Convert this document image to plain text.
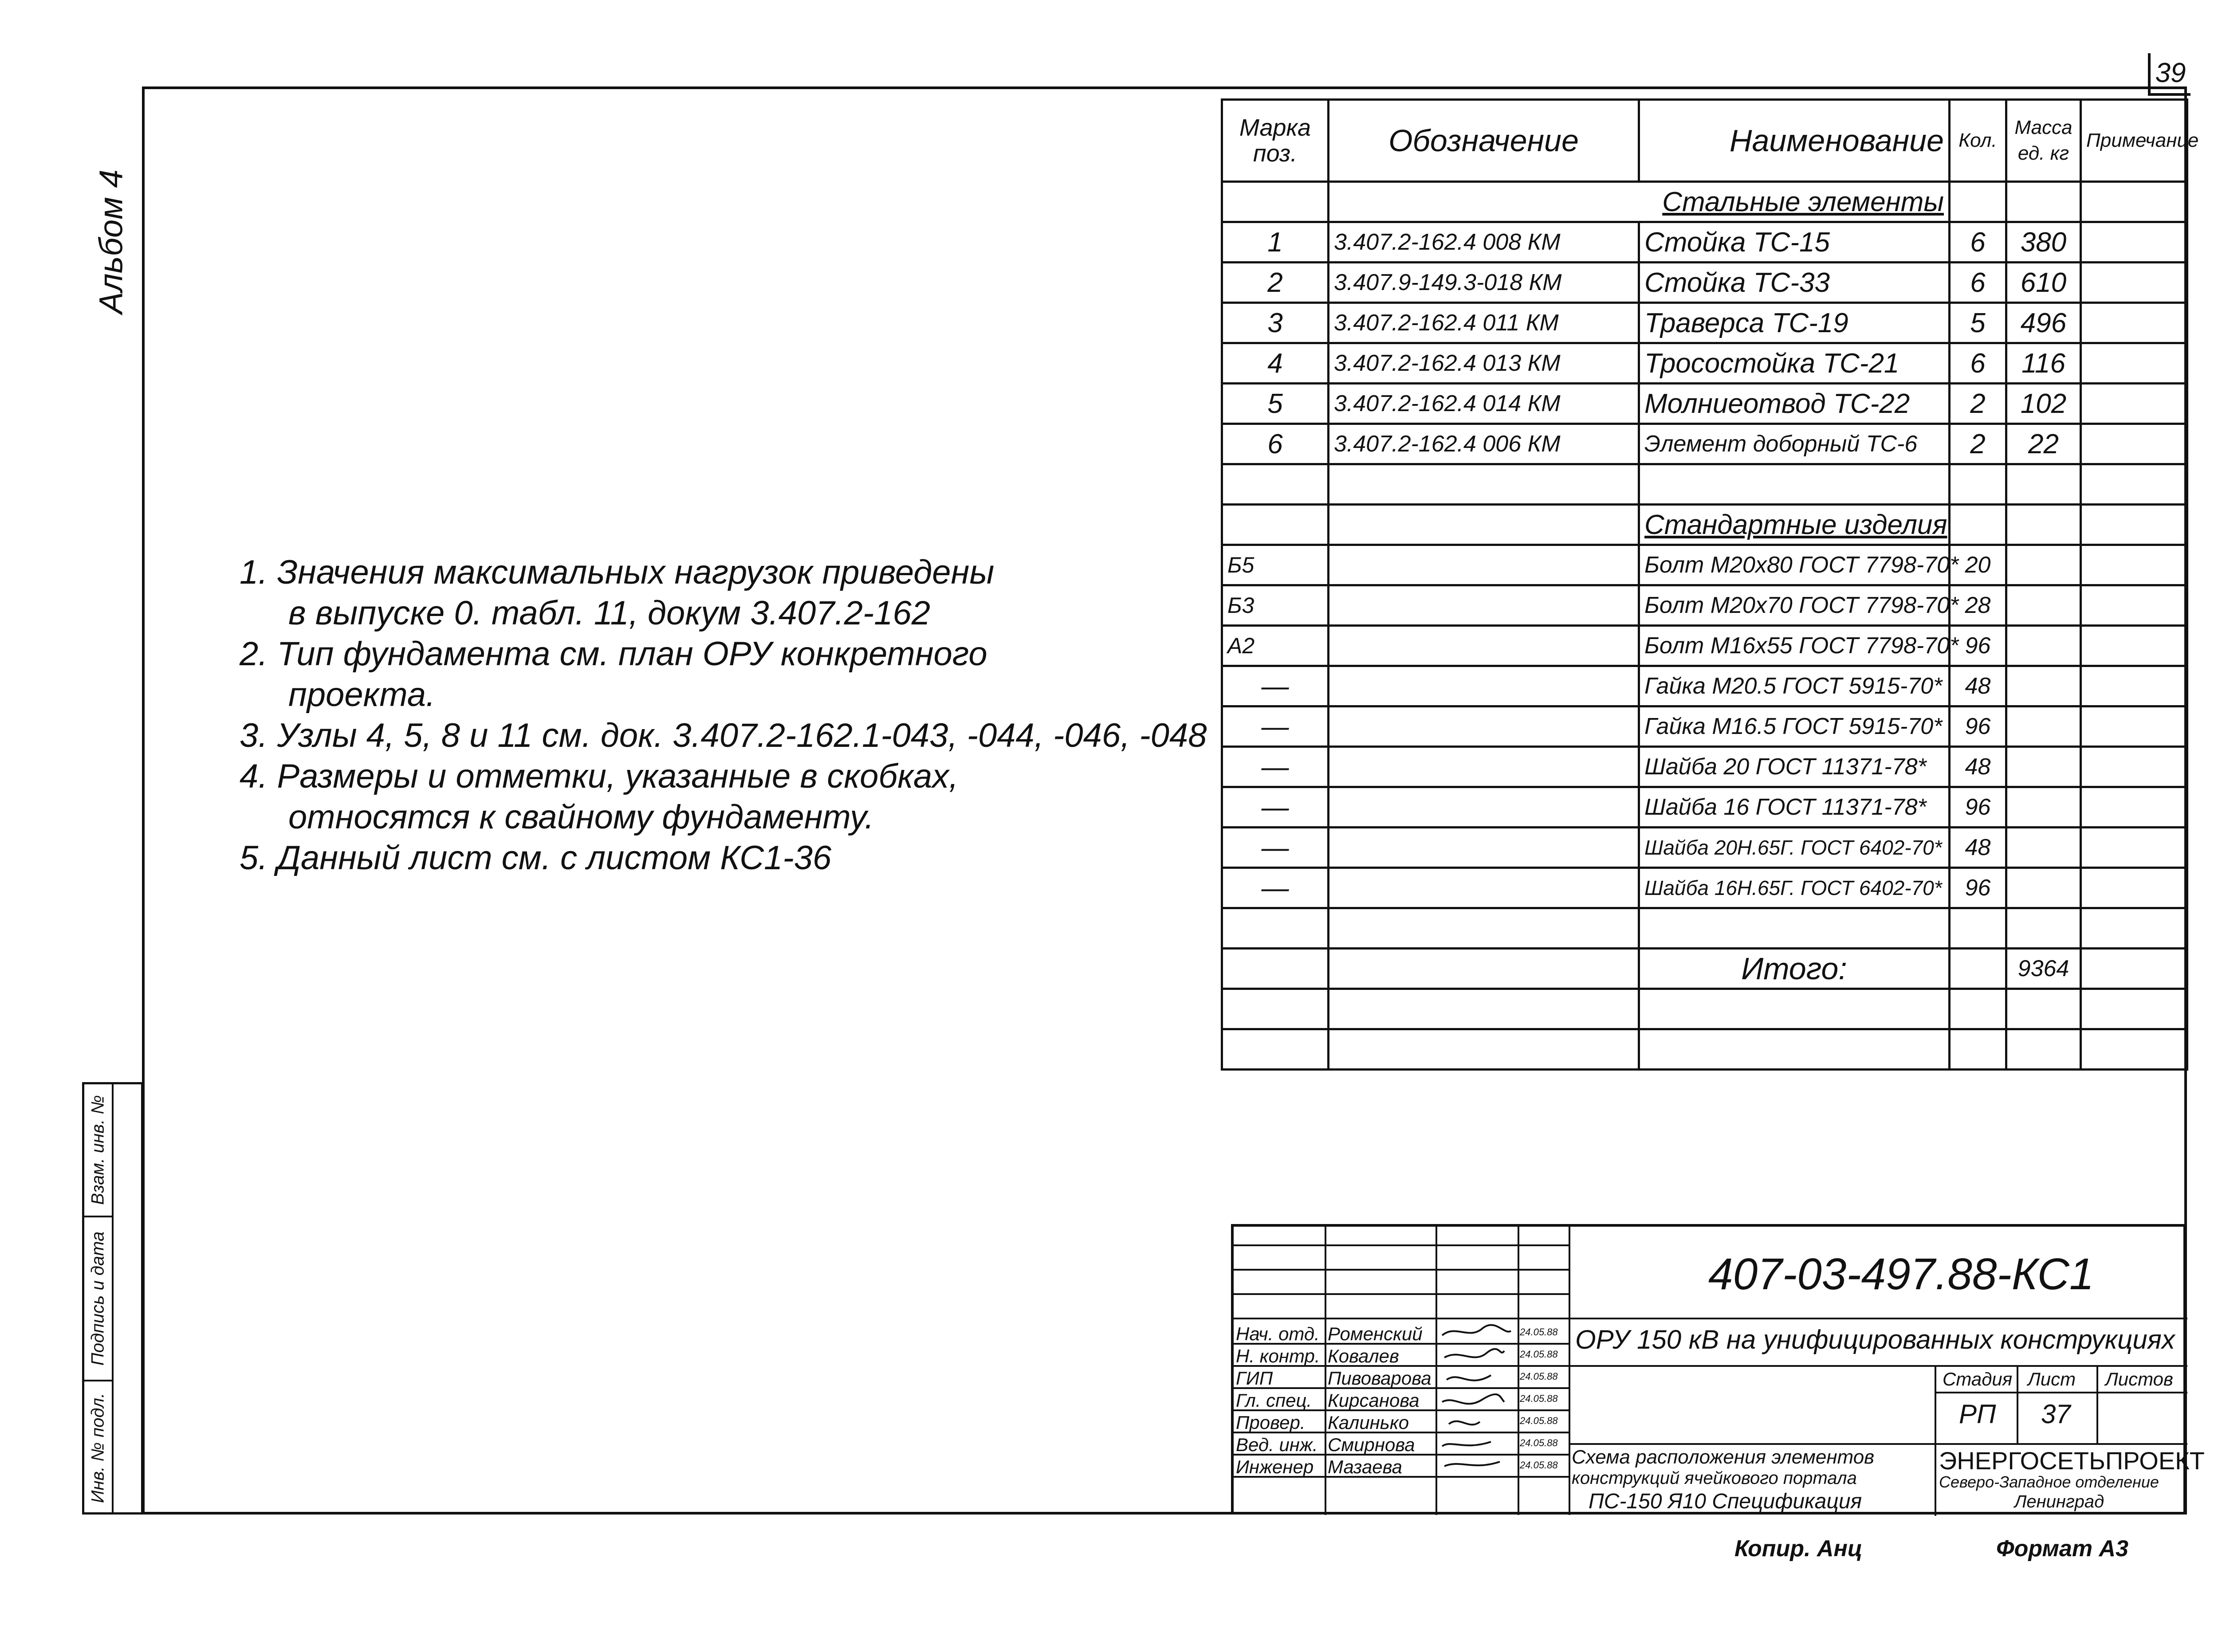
39
Альбом 4
Взам. инв. №
Подпись и дата
Инв. № подл.
1. Значения максимальных нагрузок приведены
в выпуске 0. табл. 11, докум 3.407.2-162
2. Тип фундамента см. план ОРУ конкретного
проекта.
3. Узлы 4, 5, 8 и 11 см. док. 3.407.2-162.1-043, -044, -046, -048
4. Размеры и отметки, указанные в скобках,
относятся к свайному фундаменту.
5. Данный лист см. с листом КС1-36
Марка поз.	Обозначение	Наименование	Кол.	Масса ед. кг	Примечание
	Стальные элементы				
1	3.407.2-162.4 008 КМ	Стойка ТС-15	6	380	
2	3.407.9-149.3-018 КМ	Стойка ТС-33	6	610	
3	3.407.2-162.4 011 КМ	Траверса ТС-19	5	496	
4	3.407.2-162.4 013 КМ	Тросостойка ТС-21	6	116	
5	3.407.2-162.4 014 КМ	Молниеотвод ТС-22	2	102	
6	3.407.2-162.4 006 КМ	Элемент доборный ТС-6	2	22	

		Стандартные изделия			
Б5		Болт М20х80 ГОСТ 7798-70*	20		
Б3		Болт М20х70 ГОСТ 7798-70*	28		
А2		Болт М16х55 ГОСТ 7798-70*	96		
—		Гайка М20.5 ГОСТ 5915-70*	48		
—		Гайка М16.5 ГОСТ 5915-70*	96		
—		Шайба 20 ГОСТ 11371-78*	48		
—		Шайба 16 ГОСТ 11371-78*	96		
—		Шайба 20Н.65Г. ГОСТ 6402-70*	48		
—		Шайба 16Н.65Г. ГОСТ 6402-70*	96		

		Итого:		9364	

407-03-497.88-КС1
ОРУ 150 кВ на унифицированных конструкциях
Нач. отд. Роменский	24.05.88
Н. контр. Ковалев	24.05.88
ГИП	Пивоварова	24.05.88
Гл. спец. Кирсанова	24.05.88
Провер. Калинько	24.05.88
Вед. инж. Смирнова	24.05.88
Инженер Мазаева	24.05.88
Стадия Лист Листов
РП 37
Схема расположения элементов
конструкций ячейкового портала
ПС-150 Я10 Спецификация
ЭНЕРГОСЕТЬПРОЕКТ
Северо-Западное отделение
Ленинград
Копир. Анц	Формат А3
